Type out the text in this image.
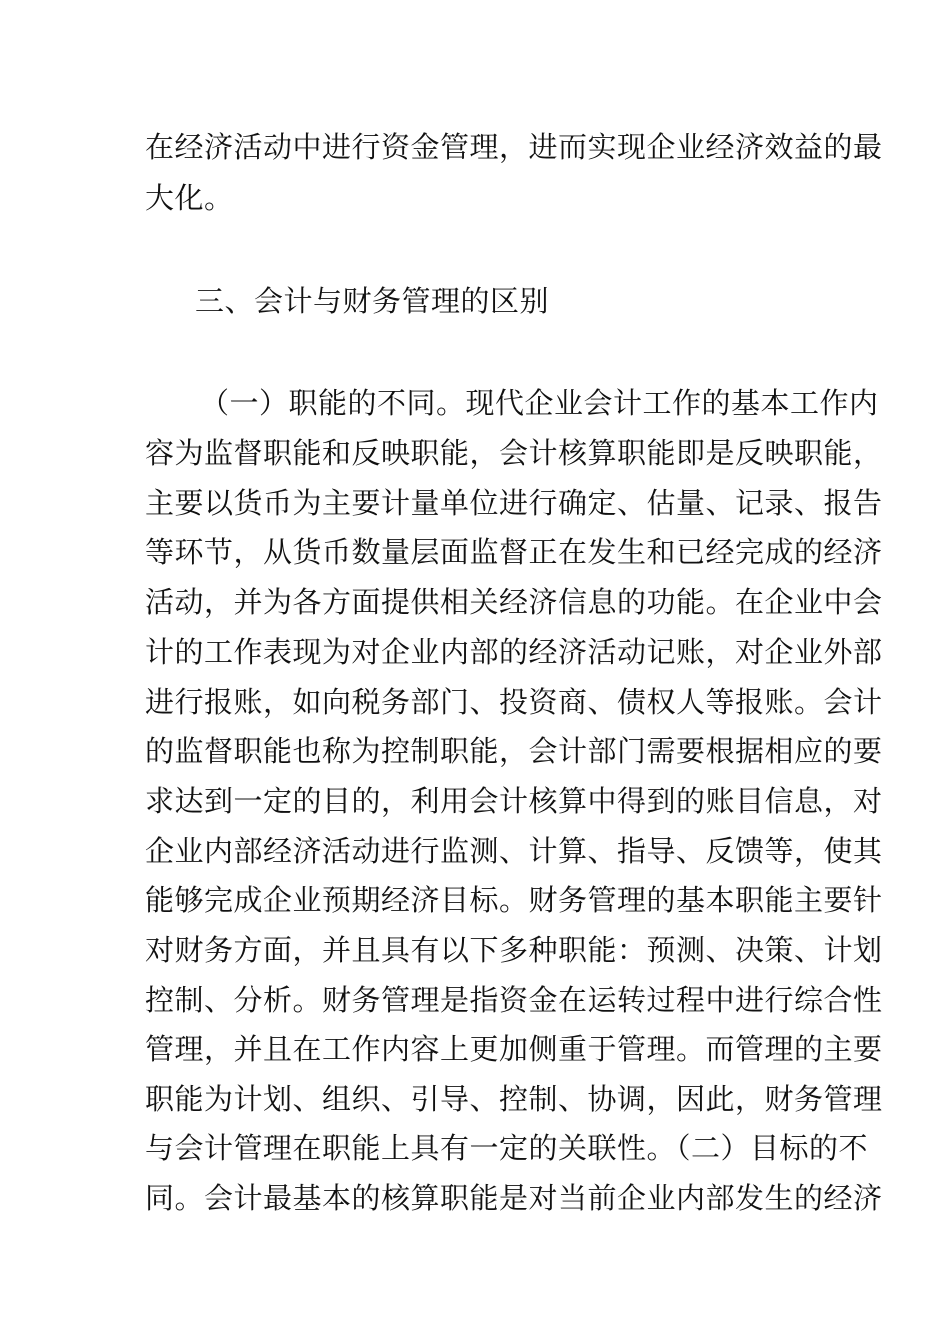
在经济活动中进行资金管理，进而实现企业经济效益的最
大化。
三、会计与财务管理的区别
（一）职能的不同。现代企业会计工作的基本工作内
容为监督职能和反映职能，会计核算职能即是反映职能，
主要以货币为主要计量单位进行确定、估量、记录、报告
等环节，从货币数量层面监督正在发生和已经完成的经济
活动，并为各方面提供相关经济信息的功能。在企业中会
计的工作表现为对企业内部的经济活动记账，对企业外部
进行报账，如向税务部门、投资商、债权人等报账。会计
的监督职能也称为控制职能，会计部门需要根据相应的要
求达到一定的目的，利用会计核算中得到的账目信息，对
企业内部经济活动进行监测、计算、指导、反馈等，使其
能够完成企业预期经济目标。财务管理的基本职能主要针
对财务方面，并且具有以下多种职能：预测、决策、计划
控制、分析。财务管理是指资金在运转过程中进行综合性
管理，并且在工作内容上更加侧重于管理。而管理的主要
职能为计划、组织、引导、控制、协调，因此，财务管理
与会计管理在职能上具有一定的关联性。（二）目标的不
同。会计最基本的核算职能是对当前企业内部发生的经济
